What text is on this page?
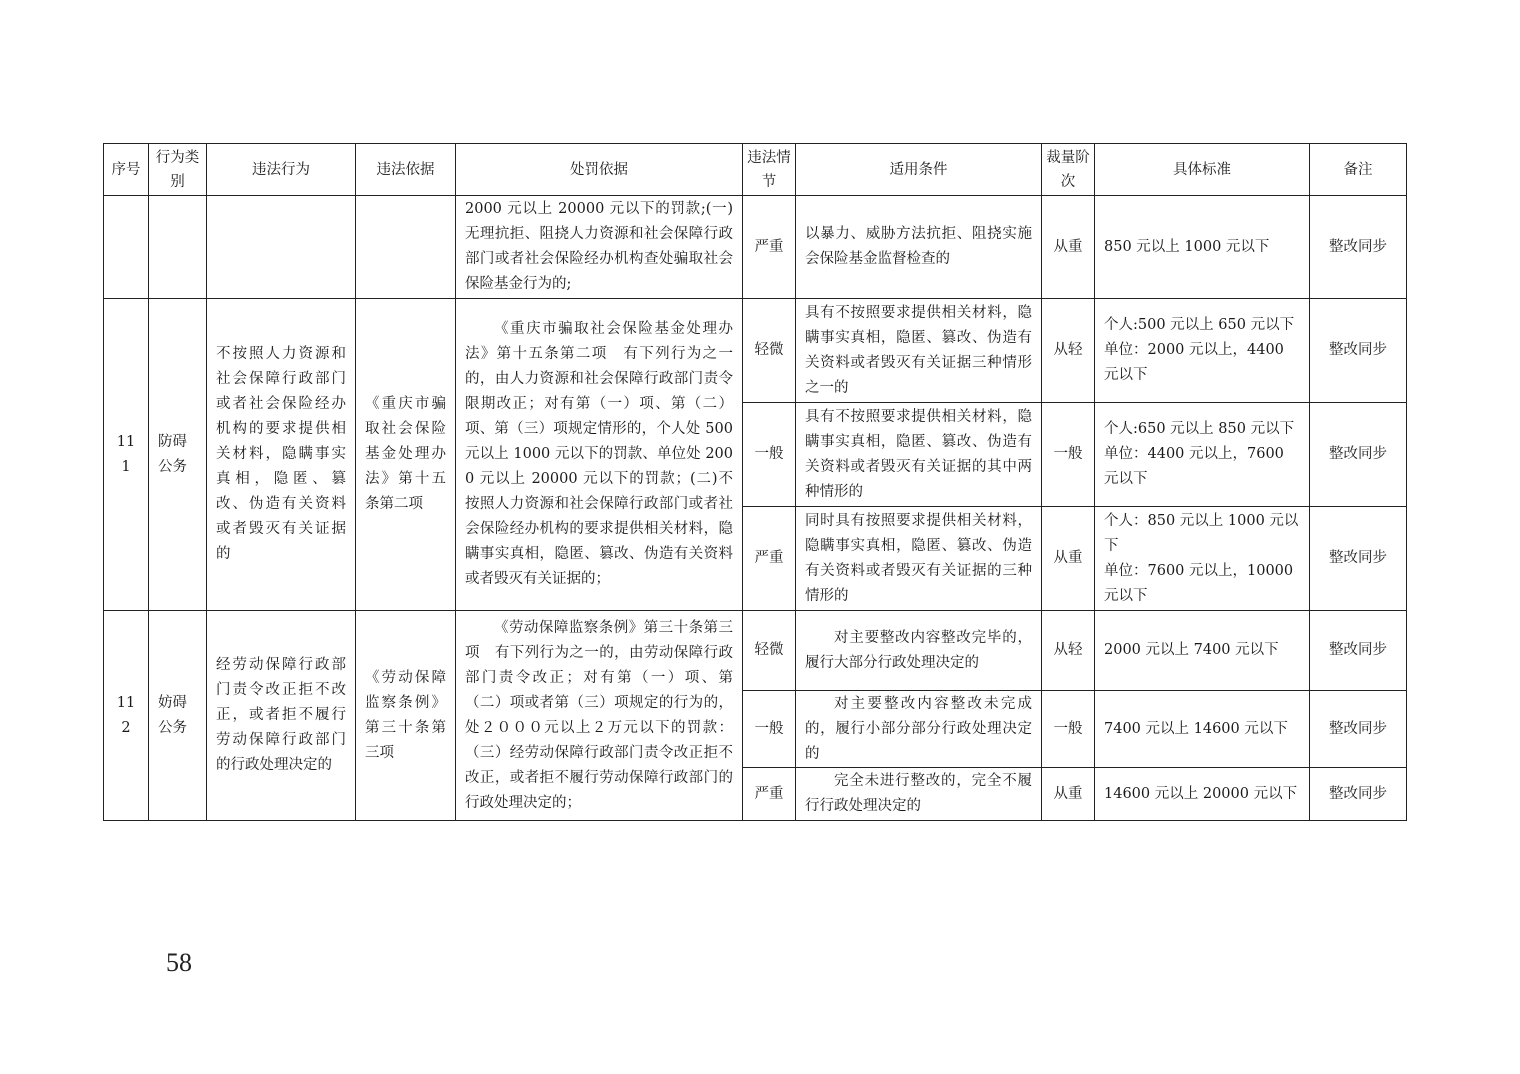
序号	行为类别	违法行为	违法依据	处罚依据	违法情节	适用条件	裁量阶次	具体标准	备注
				2000 元以上 20000 元以下的罚款;(一)无理抗拒、阻挠人力资源和社会保障行政部门或者社会保险经办机构查处骗取社会保险基金行为的;	严重	以暴力、威胁方法抗拒、阻挠实施会保险基金监督检查的	从重	850 元以上 1000 元以下	整改同步
111	防碍公务	不按照人力资源和社会保障行政部门或者社会保险经办机构的要求提供相关材料，隐瞒事实真相，隐匿、篡改、伪造有关资料或者毁灭有关证据的	《重庆市骗取社会保险基金处理办法》第十五条第二项	《重庆市骗取社会保险基金处理办法》第十五条第二项　有下列行为之一的，由人力资源和社会保障行政部门责令限期改正；对有第（一）项、第（二）项、第（三）项规定情形的，个人处 500 元以上 1000 元以下的罚款、单位处 2000 元以上 20000 元以下的罚款；(二)不按照人力资源和社会保障行政部门或者社会保险经办机构的要求提供相关材料，隐瞒事实真相，隐匿、篡改、伪造有关资料或者毁灭有关证据的；	轻微	具有不按照要求提供相关材料，隐瞒事实真相，隐匿、篡改、伪造有关资料或者毁灭有关证据三种情形之一的	从轻	个人:500 元以上 650 元以下
单位：2000 元以上，4400 元以下	整改同步
					一般	具有不按照要求提供相关材料，隐瞒事实真相，隐匿、篡改、伪造有关资料或者毁灭有关证据的其中两种情形的	一般	个人:650 元以上 850 元以下
单位：4400 元以上，7600 元以下	整改同步
					严重	同时具有按照要求提供相关材料，隐瞒事实真相，隐匿、篡改、伪造有关资料或者毁灭有关证据的三种情形的	从重	个人：850 元以上 1000 元以下
单位：7600 元以上，10000 元以下	整改同步
112	妨碍公务	经劳动保障行政部门责令改正拒不改正，或者拒不履行劳动保障行政部门的行政处理决定的	《劳动保障监察条例》第三十条第三项	《劳动保障监察条例》第三十条第三项　有下列行为之一的，由劳动保障行政部门责令改正；对有第（一）项、第（二）项或者第（三）项规定的行为的，处２０００元以上２万元以下的罚款：（三）经劳动保障行政部门责令改正拒不改正，或者拒不履行劳动保障行政部门的行政处理决定的；	轻微	对主要整改内容整改完毕的，履行大部分行政处理决定的	从轻	2000 元以上 7400 元以下	整改同步
					一般	对主要整改内容整改未完成的，履行小部分部分行政处理决定的	一般	7400 元以上 14600 元以下	整改同步
					严重	完全未进行整改的，完全不履行行政处理决定的	从重	14600 元以上 20000 元以下	整改同步
58
